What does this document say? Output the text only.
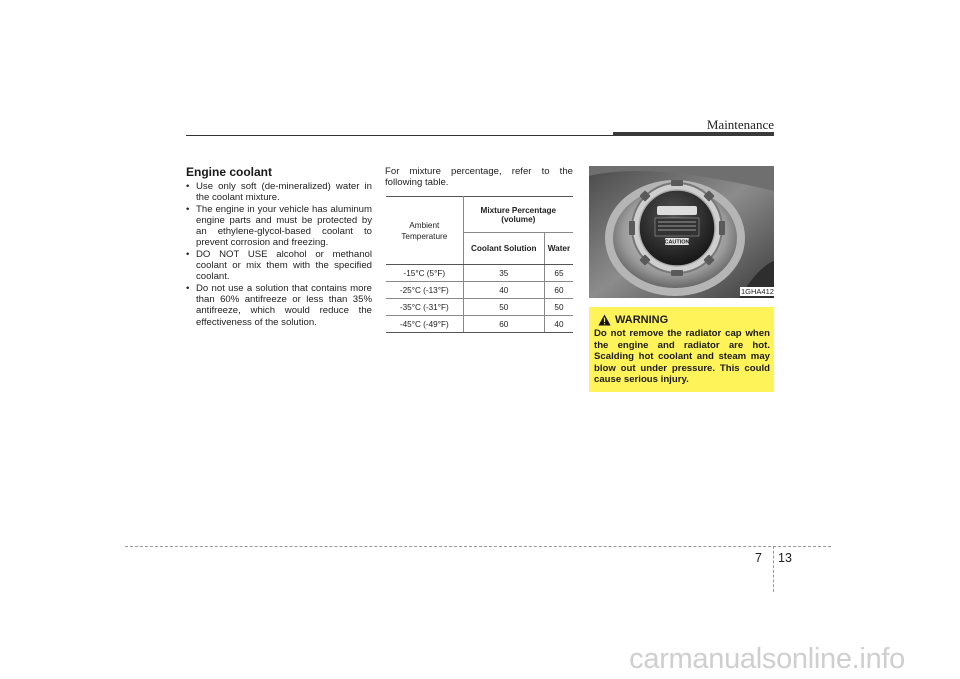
Maintenance
Engine coolant
• Use only soft (de-mineralized) water in the coolant mixture.
• The engine in your vehicle has aluminum engine parts and must be protected by an ethylene-glycol-based coolant to prevent corrosion and freezing.
• DO NOT USE alcohol or methanol coolant or mix them with the specified coolant.
• Do not use a solution that contains more than 60% antifreeze or less than 35% antifreeze, which would reduce the effectiveness of the solution.
For mixture percentage, refer to the following table.
Ambient Temperature	Mixture Percentage (volume)	
	Coolant Solution	Water
-15°C (5°F)	35	65
-25°C (-13°F)	40	60
-35°C (-31°F)	50	50
-45°C (-49°F)	60	40
CAUTION
1GHA412
WARNING
Do not remove the radiator cap when the engine and radiator are hot. Scalding hot coolant and steam may blow out under pressure. This could cause serious injury.
7 13
carmanualsonline.info
